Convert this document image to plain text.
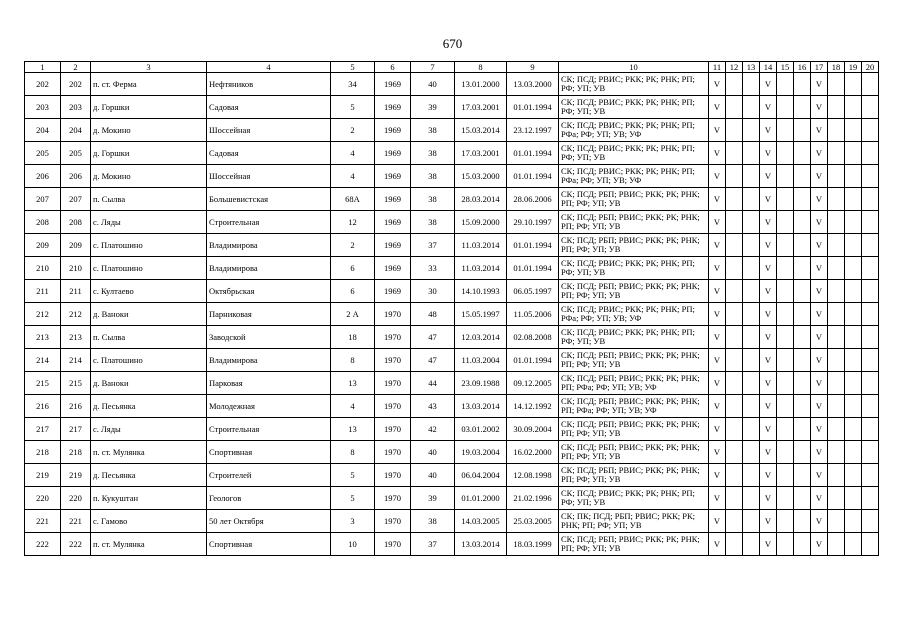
670
1	2	3	4	5	6	7	8	9	10	11	12	13	14	15	16	17	18	19	20
202	202	п. ст. Ферма	Нефтяников	34	1969	40	13.01.2000	13.03.2000	СК; ПСД; РВИС; РКК; РК; РНК; РП; РФ; УП; УВ	V			V			V			
203	203	д. Горшки	Садовая	5	1969	39	17.03.2001	01.01.1994	СК; ПСД; РВИС; РКК; РК; РНК; РП; РФ; УП; УВ	V			V			V			
204	204	д. Мокино	Шоссейная	2	1969	38	15.03.2014	23.12.1997	СК; ПСД; РВИС; РКК; РК; РНК; РП; РФа; РФ; УП; УВ; УФ	V			V			V			
205	205	д. Горшки	Садовая	4	1969	38	17.03.2001	01.01.1994	СК; ПСД; РВИС; РКК; РК; РНК; РП; РФ; УП; УВ	V			V			V			
206	206	д. Мокино	Шоссейная	4	1969	38	15.03.2000	01.01.1994	СК; ПСД; РВИС; РКК; РК; РНК; РП; РФа; РФ; УП; УВ; УФ	V			V			V			
207	207	п. Сылва	Большевистская	68А	1969	38	28.03.2014	28.06.2006	СК; ПСД; РБП; РВИС; РКК; РК; РНК; РП; РФ; УП; УВ	V			V			V			
208	208	с. Ляды	Строительная	12	1969	38	15.09.2000	29.10.1997	СК; ПСД; РБП; РВИС; РКК; РК; РНК; РП; РФ; УП; УВ	V			V			V			
209	209	с. Платошино	Владимирова	2	1969	37	11.03.2014	01.01.1994	СК; ПСД; РБП; РВИС; РКК; РК; РНК; РП; РФ; УП; УВ	V			V			V			
210	210	с. Платошино	Владимирова	6	1969	33	11.03.2014	01.01.1994	СК; ПСД; РВИС; РКК; РК; РНК; РП; РФ; УП; УВ	V			V			V			
211	211	с. Култаево	Октябрьская	6	1969	30	14.10.1993	06.05.1997	СК; ПСД; РБП; РВИС; РКК; РК; РНК; РП; РФ; УП; УВ	V			V			V			
212	212	д. Ваноки	Парниковая	2 А	1970	48	15.05.1997	11.05.2006	СК; ПСД; РВИС; РКК; РК; РНК; РП; РФа; РФ; УП; УВ; УФ	V			V			V			
213	213	п. Сылва	Заводской	18	1970	47	12.03.2014	02.08.2008	СК; ПСД; РВИС; РКК; РК; РНК; РП; РФ; УП; УВ	V			V			V			
214	214	с. Платошино	Владимирова	8	1970	47	11.03.2004	01.01.1994	СК; ПСД; РБП; РВИС; РКК; РК; РНК; РП; РФ; УП; УВ	V			V			V			
215	215	д. Ваноки	Парковая	13	1970	44	23.09.1988	09.12.2005	СК; ПСД; РБП; РВИС; РКК; РК; РНК; РП; РФа; РФ; УП; УВ; УФ	V			V			V			
216	216	д. Песьянка	Молодежная	4	1970	43	13.03.2014	14.12.1992	СК; ПСД; РБП; РВИС; РКК; РК; РНК; РП; РФа; РФ; УП; УВ; УФ	V			V			V			
217	217	с. Ляды	Строительная	13	1970	42	03.01.2002	30.09.2004	СК; ПСД; РБП; РВИС; РКК; РК; РНК; РП; РФ; УП; УВ	V			V			V			
218	218	п. ст. Мулянка	Спортивная	8	1970	40	19.03.2004	16.02.2000	СК; ПСД; РБП; РВИС; РКК; РК; РНК; РП; РФ; УП; УВ	V			V			V			
219	219	д. Песьянка	Строителей	5	1970	40	06.04.2004	12.08.1998	СК; ПСД; РБП; РВИС; РКК; РК; РНК; РП; РФ; УП; УВ	V			V			V			
220	220	п. Кукуштан	Геологов	5	1970	39	01.01.2000	21.02.1996	СК; ПСД; РВИС; РКК; РК; РНК; РП; РФ; УП; УВ	V			V			V			
221	221	с. Гамово	50 лет Октября	3	1970	38	14.03.2005	25.03.2005	СК; ПК; ПСД; РБП; РВИС; РКК; РК; РНК; РП; РФ; УП; УВ	V			V			V			
222	222	п. ст. Мулянка	Спортивная	10	1970	37	13.03.2014	18.03.1999	СК; ПСД; РБП; РВИС; РКК; РК; РНК; РП; РФ; УП; УВ	V			V			V			
